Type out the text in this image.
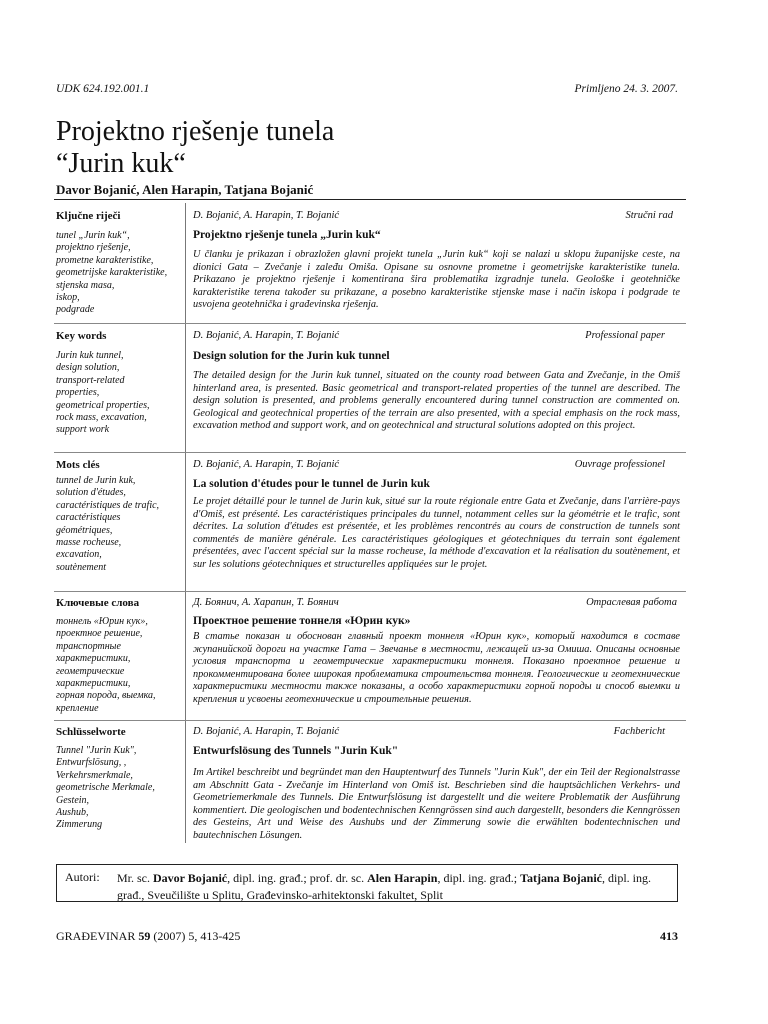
UDK 624.192.001.1	Primljeno 24. 3. 2007.
Projektno rješenje tunela
“Jurin kuk“
Davor Bojanić, Alen Harapin, Tatjana Bojanić
Ključne riječi
tunel „Jurin kuk“,
projektno rješenje,
prometne karakteristike,
geometrijske karakteristike,
stjenska masa,
iskop,
podgrade
D. Bojanić, A. Harapin, T. Bojanić	Stručni rad
Projektno rješenje tunela „Jurin kuk“
U članku je prikazan i obrazložen glavni projekt tunela „Jurin kuk“ koji se nalazi u sklopu županijske ceste, na dionici Gata – Zvečanje i zaleđu Omiša. Opisane su osnovne prometne i geometrijske karakteristike tunela. Prikazano je projektno rješenje i komentirana šira problematika izgradnje tunela. Geološke i geotehničke karakteristike terena također su prikazane, a posebno karakteristike stjenske mase i način iskopa i podgrade te usvojena geotehnička i građevinska rješenja.
Key words
Jurin kuk tunnel,
design solution,
transport-related
properties,
geometrical properties,
rock mass, excavation,
support work
D. Bojanić, A. Harapin, T. Bojanić	Professional paper
Design solution for the Jurin kuk tunnel
The detailed design for the Jurin kuk tunnel, situated on the county road between Gata and Zvečanje, in the Omiš hinterland area, is presented. Basic geometrical and transport-related properties of the tunnel are described. The design solution is presented, and problems generally encountered during tunnel construction are commented on. Geological and geotechnical properties of the terrain are also presented, with a special emphasis on the rock mass, excavation method and support work, and on geotechnical and structural solutions adopted on this project.
Mots clés
tunnel de Jurin kuk,
solution d'études,
caractéristiques de trafic,
caractéristiques
géométriques,
masse rocheuse,
excavation,
soutènement
D. Bojanić, A. Harapin, T. Bojanić	Ouvrage professionel
La solution d'études pour le tunnel de Jurin kuk
Le projet détaillé pour le tunnel de Jurin kuk, situé sur la route régionale entre Gata et Zvečanje, dans l'arrière-pays d'Omiš, est présenté. Les caractéristiques principales du tunnel, notamment celles sur la géométrie et le trafic, sont décrites. La solution d'études est présentée, et les problèmes rencontrés au cours de construction de tunnels sont commentés de manière générale. Les caractéristiques géologiques et géotechniques du terrain sont également présentées, avec l'accent spécial sur la masse rocheuse, la méthode d'excavation et la réalisation du soutènement, et sur les solutions géotechniques et structurelles appliquées sur le projet.
Ключевые слова
тоннель «Юрин кук»,
проектное решение,
транспортные
характеристики,
геометрические
характеристики,
горная порода, выемка,
крепление
Д. Боянич, А. Харапин, Т. Боянич	Отраслевая работа
Проектное решение тоннеля «Юрин кук»
В статье показан и обоснован главный проект тоннеля «Юрин кук», который находится в составе жупанийской дороги на участке Гата – Звечанье в местности, лежащей из-за Омиша. Описаны основные условия транспорта и геометрические характеристики тоннеля. Показано проектное решение и прокомментирована более широкая проблематика строительства тоннеля. Геологические и геотехнические характеристики местности также показаны, а особо характеристики горной породы и способ выемки и крепления и усвоены геотехнические и строительные решения.
Schlüsselworte
Tunnel "Jurin Kuk",
Entwurfslösung, ,
Verkehrsmerkmale,
geometrische Merkmale,
Gestein,
Aushub,
Zimmerung
D. Bojanić, A. Harapin, T. Bojanić	Fachbericht
Entwurfslösung des Tunnels "Jurin Kuk"
Im Artikel beschreibt und begründet man den Hauptentwurf des Tunnels "Jurin Kuk", der ein Teil der Regionalstrasse am Abschnitt Gata - Zvečanje im Hinterland von Omiš ist. Beschrieben sind die hauptsächlichen Verkehrs- und Geometriemerkmale des Tunnels. Die Entwurfslösung ist dargestellt und die weitere Problematik der Ausführung kommentiert. Die geologischen und bodentechnischen Kenngrössen sind auch dargestellt, besonders die Kenngrössen des Gesteins, Art und Weise des Aushubs und der Zimmerung sowie die erwählten bodentechnischen und bautechnischen Lösungen.
Autori: Mr. sc. Davor Bojanić, dipl. ing. građ.; prof. dr. sc. Alen Harapin, dipl. ing. građ.; Tatjana Bojanić, dipl. ing. građ., Sveučilište u Splitu, Građevinsko-arhitektonski fakultet, Split
GRAĐEVINAR 59 (2007) 5, 413-425	413
